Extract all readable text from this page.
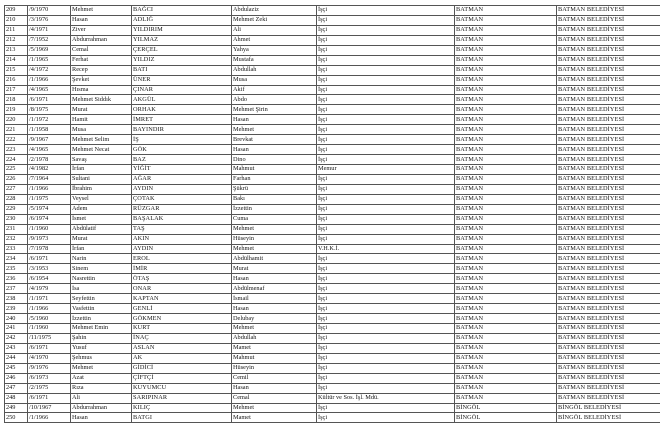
209	/9/1970	Mehmet	BAĞCI	Abdulaziz	İşçi	BATMAN	BATMAN BELEDİYESİ
210	/3/1976	Hasan	ADLIĞ	Mehmet Zeki	İşçi	BATMAN	BATMAN BELEDİYESİ
211	/4/1971	Ziver	YILDIRIM	Ali	İşçi	BATMAN	BATMAN BELEDİYESİ
212	/7/1952	Abdurrahman	YILMAZ	Ahmet	İşçi	BATMAN	BATMAN BELEDİYESİ
213	/5/1969	Cemal	ÇERÇEL	Yahya	İşçi	BATMAN	BATMAN BELEDİYESİ
214	/1/1965	Ferhat	YILDIZ	Mustafa	İşçi	BATMAN	BATMAN BELEDİYESİ
215	/4/1972	Recep	BATI	Abdullah	İşçi	BATMAN	BATMAN BELEDİYESİ
216	/1/1966	Şevket	ÜNER	Musa	İşçi	BATMAN	BATMAN BELEDİYESİ
217	/4/1965	Hısma	ÇINAR	Akif	İşçi	BATMAN	BATMAN BELEDİYESİ
218	/6/1971	Mehmet Siddık	AKGÜL	Abdo	İşçi	BATMAN	BATMAN BELEDİYESİ
219	/8/1975	Murat	ORHAK	Mehmet Şirin	İşçi	BATMAN	BATMAN BELEDİYESİ
220	/1/1972	Hamit	İMRET	Hasan	İşçi	BATMAN	BATMAN BELEDİYESİ
221	/1/1958	Musa	BAYINDIR	Mehmet	İşçi	BATMAN	BATMAN BELEDİYESİ
222	/9/1967	Mehmet Selim	İŞ	Brevkat	İşçi	BATMAN	BATMAN BELEDİYESİ
223	/4/1965	Mehmet Necat	GÖK	Hasan	İşçi	BATMAN	BATMAN BELEDİYESİ
224	/2/1978	Savaş	BAZ	Dino	İşçi	BATMAN	BATMAN BELEDİYESİ
225	/4/1982	İrfan	YİĞİT	Mahmut	Memur	BATMAN	BATMAN BELEDİYESİ
226	/7/1964	Sultani	AĞAR	Farhan	İşçi	BATMAN	BATMAN BELEDİYESİ
227	/1/1966	İbrahim	AYDIN	Şükrü	İşçi	BATMAN	BATMAN BELEDİYESİ
228	/1/1975	Veysel	ÇOTAK	Bakı	İşçi	BATMAN	BATMAN BELEDİYESİ
229	/5/1974	Adem	RÜZGAR	İzzettin	İşçi	BATMAN	BATMAN BELEDİYESİ
230	/6/1974	İsmet	BAŞALAK	Cuma	İşçi	BATMAN	BATMAN BELEDİYESİ
231	/1/1960	Abdülatif	TAŞ	Mehmet	İşçi	BATMAN	BATMAN BELEDİYESİ
232	/9/1973	Murat	AKIN	Hüseyin	İşçi	BATMAN	BATMAN BELEDİYESİ
233	/7/1978	İrfan	AYDIN	Mehmet	V.H.K.İ.	BATMAN	BATMAN BELEDİYESİ
234	/6/1971	Narin	EROL	Abdülhamit	İşçi	BATMAN	BATMAN BELEDİYESİ
235	/3/1953	Sinem	İMİR	Murat	İşçi	BATMAN	BATMAN BELEDİYESİ
236	/6/1954	Nasrettin	ÖTAŞ	Hasan	İşçi	BATMAN	BATMAN BELEDİYESİ
237	/4/1979	İsa	ONAR	Abdülmenaf	İşçi	BATMAN	BATMAN BELEDİYESİ
238	/1/1971	Seyfettin	KAPTAN	İsmail	İşçi	BATMAN	BATMAN BELEDİYESİ
239	/1/1966	Vasfettin	GENLİ	Hasan	İşçi	BATMAN	BATMAN BELEDİYESİ
240	/5/1960	İzzettin	GÖKMEN	Delubay	İşçi	BATMAN	BATMAN BELEDİYESİ
241	/1/1960	Mehmet Emin	KURT	Mehmet	İşçi	BATMAN	BATMAN BELEDİYESİ
242	/11/1975	Şahin	İNAÇ	Abdullah	İşçi	BATMAN	BATMAN BELEDİYESİ
243	/6/1971	Yusuf	ASLAN	Mamet	İşçi	BATMAN	BATMAN BELEDİYESİ
244	/4/1970	Şehmus	AK	Mahmut	İşçi	BATMAN	BATMAN BELEDİYESİ
245	/9/1976	Mehmet	GİDİCİ	Hüseyin	İşçi	BATMAN	BATMAN BELEDİYESİ
246	/6/1973	Azat	ÇİFTÇİ	Cemil	İşçi	BATMAN	BATMAN BELEDİYESİ
247	/2/1975	Rıza	KUYUMCU	Hasan	İşçi	BATMAN	BATMAN BELEDİYESİ
248	/6/1971	Ali	SARIPINAR	Cemal	Kültür ve Sos. İşl. Mdü.	BATMAN	BATMAN BELEDİYESİ
249	/10/1967	Abdurrahman	KILIÇ	Mehmet	İşçi	BİNGÖL	BİNGÖL BELEDİYESİ
250	/1/1966	Hasan	BATGI	Mamet	İşçi	BİNGÖL	BİNGÖL BELEDİYESİ
